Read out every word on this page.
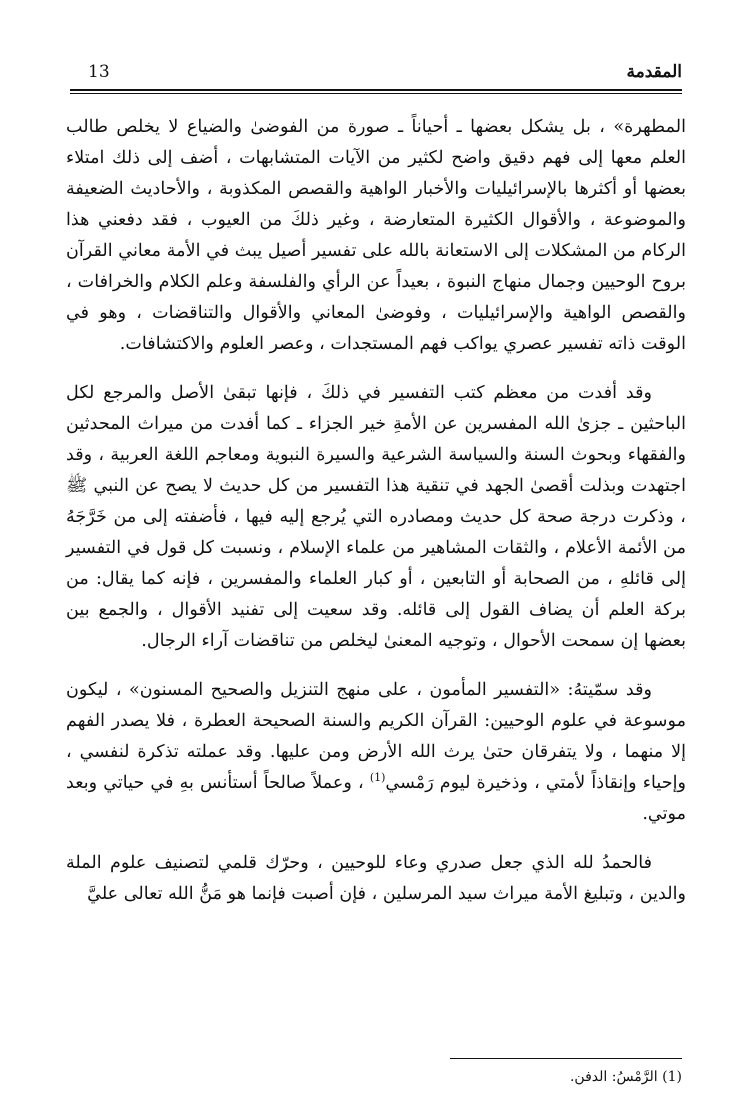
المقدمة
13

المطهرة» ، بل يشكل بعضها ـ أحياناً ـ صورة من الفوضىٰ والضياع لا يخلص طالب العلم معها إلى فهم دقيق واضح لكثير من الآيات المتشابهات ، أضف إلى ذلك امتلاء بعضها أو أكثرها بالإسرائيليات والأخبار الواهية والقصص المكذوبة ، والأحاديث الضعيفة والموضوعة ، والأقوال الكثيرة المتعارضة ، وغير ذلكَ من العيوب ، فقد دفعني هذا الركام من المشكلات إلى الاستعانة بالله على تفسير أصيل يبث في الأمة معاني القرآن بروح الوحيين وجمال منهاج النبوة ، بعيداً عن الرأي والفلسفة وعلم الكلام والخرافات ، والقصص الواهية والإسرائيليات ، وفوضىٰ المعاني والأقوال والتناقضات ، وهو في الوقت ذاته تفسير عصري يواكب فهم المستجدات ، وعصر العلوم والاكتشافات.

وقد أفدت من معظم كتب التفسير في ذلكَ ، فإنها تبقىٰ الأصل والمرجع لكل الباحثين ـ جزىٰ الله المفسرين عن الأمةِ خير الجزاء ـ كما أفدت من ميراث المحدثين والفقهاء وبحوث السنة والسياسة الشرعية والسيرة النبوية ومعاجم اللغة العربية ، وقد اجتهدت وبذلت أقصىٰ الجهد في تنقية هذا التفسير من كل حديث لا يصح عن النبي ﷺ ، وذكرت درجة صحة كل حديث ومصادره التي يُرجع إليه فيها ، فأضفته إلى من خَرَّجَهُ من الأئمة الأعلام ، والثقات المشاهير من علماء الإسلام ، ونسبت كل قول في التفسير إلى قائلهِ ، من الصحابة أو التابعين ، أو كبار العلماء والمفسرين ، فإنه كما يقال: من بركة العلم أن يضاف القول إلى قائله. وقد سعيت إلى تفنيد الأقوال ، والجمع بين بعضها إن سمحت الأحوال ، وتوجيه المعنىٰ ليخلص من تناقضات آراء الرجال.

وقد سمّيتهُ: «التفسير المأمون ، على منهج التنزيل والصحيح المسنون» ، ليكون موسوعة في علوم الوحيين: القرآن الكريم والسنة الصحيحة العطرة ، فلا يصدر الفهم إلا منهما ، ولا يتفرقان حتىٰ يرث الله الأرض ومن عليها. وقد عملته تذكرة لنفسي ، وإحياء وإنقاذاً لأمتي ، وذخيرة ليوم رَمْسي$^{(1)}$ ، وعملاً صالحاً أستأنس بهِ في حياتي وبعد موتي.

فالحمدُ لله الذي جعل صدري وعاء للوحيين ، وحرّك قلمي لتصنيف علوم الملة والدين ، وتبليغ الأمة ميراث سيد المرسلين ، فإن أصبت فإنما هو مَنُّ الله تعالى عليَّ

(1) الرَّمْسُ: الدفن.
